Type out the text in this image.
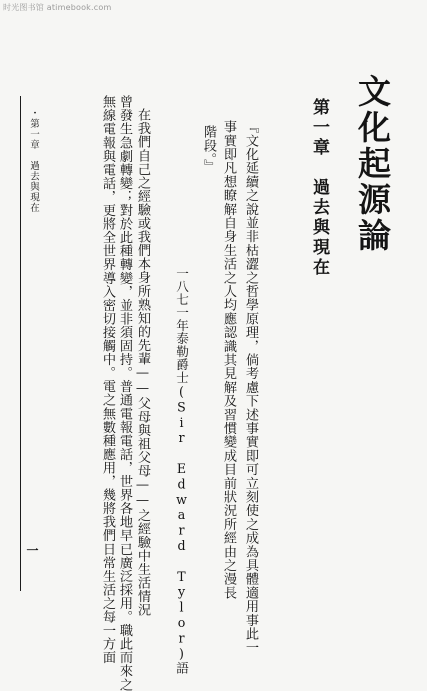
时光图书馆 atimebook.com
文化起源論
第一章　過去與現在
『文化延續之說並非枯澀之哲學原理，倘考慮下述事實即可立刻使之成為具體適用事此一
事實即凡想瞭解自身生活之人均應認識其見解及習慣變成目前狀況所經由之漫長
階段。』
一八七一年泰勒爵士(Sir Edward Tylor)語
在我們自己之經驗或我們本身所熟知的先輩——父母與祖父母——之經驗中生活情況
曾發生急劇轉變；對於此種轉變，並非須固持。普通電報電話，世界各地早已廣泛採用。職此而來之
無線電報與電話，更將全世界導入密切接觸中。電之無數種應用，幾將我們日常生活之每一方面
・第一章　過去與現在
一
